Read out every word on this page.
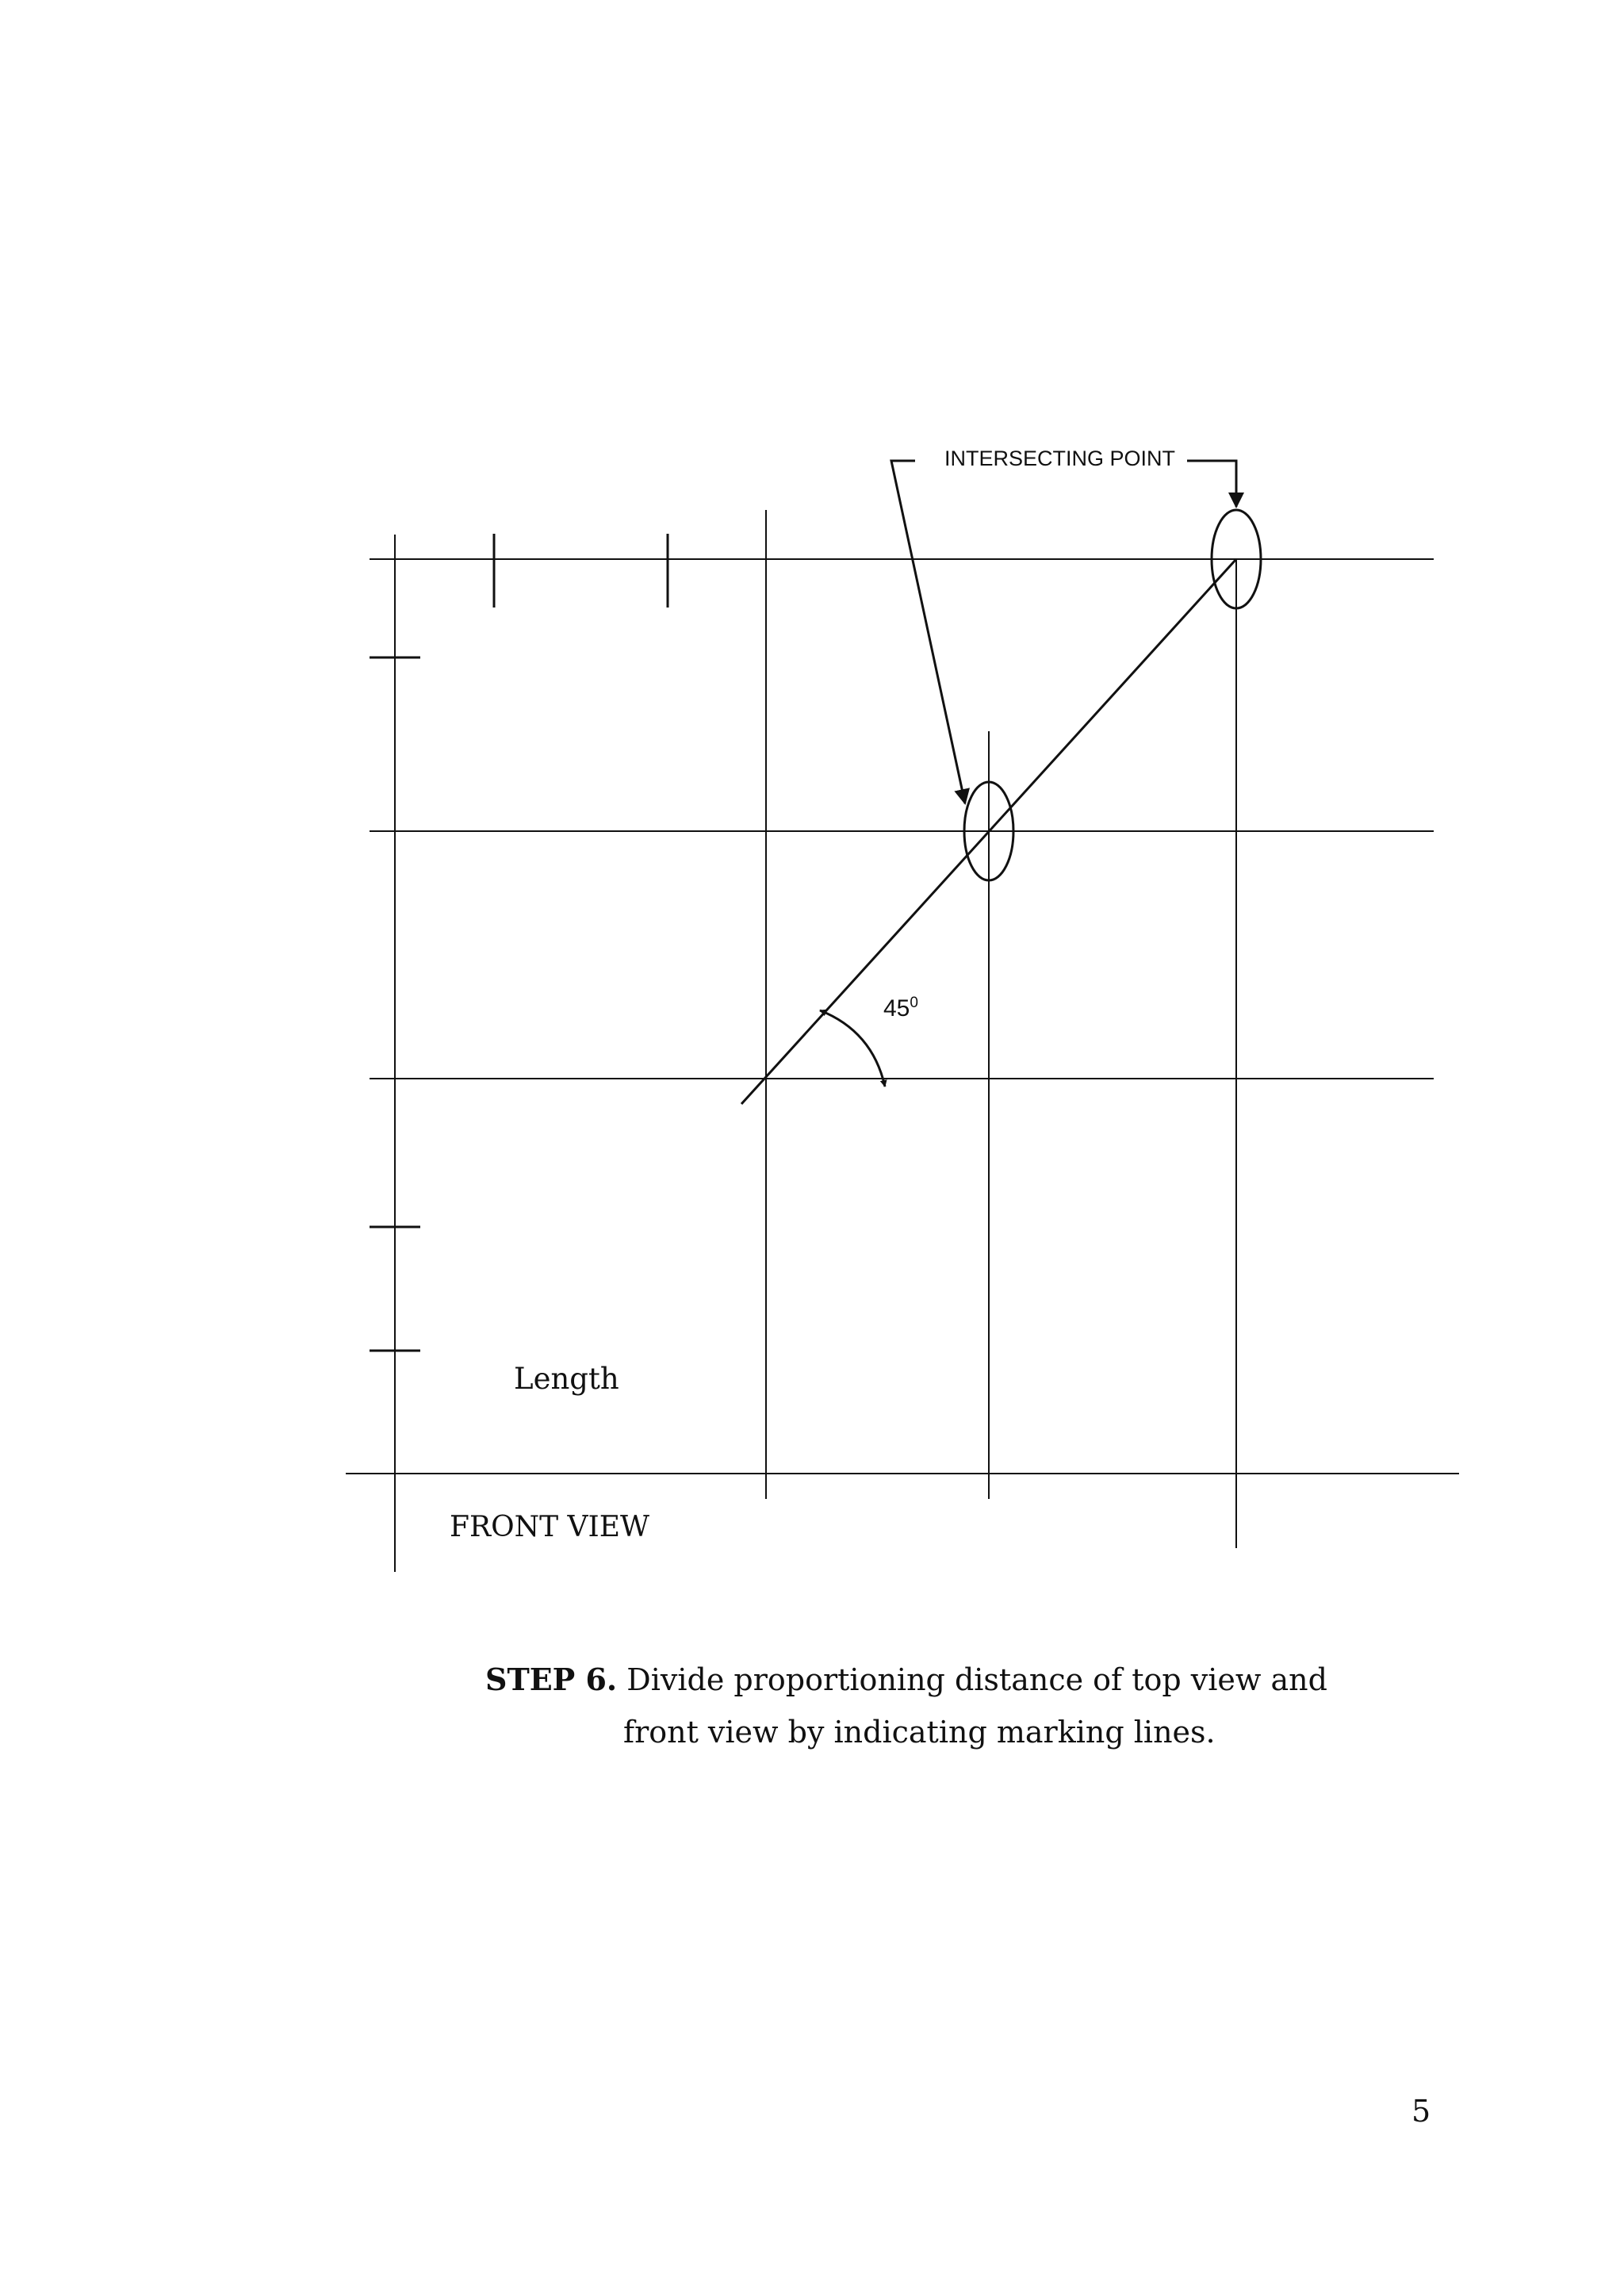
INTERSECTING POINT
$45^0$
Length
FRONT VIEW
STEP 6. Divide proportioning distance of top view and
front view by indicating marking lines.
5
